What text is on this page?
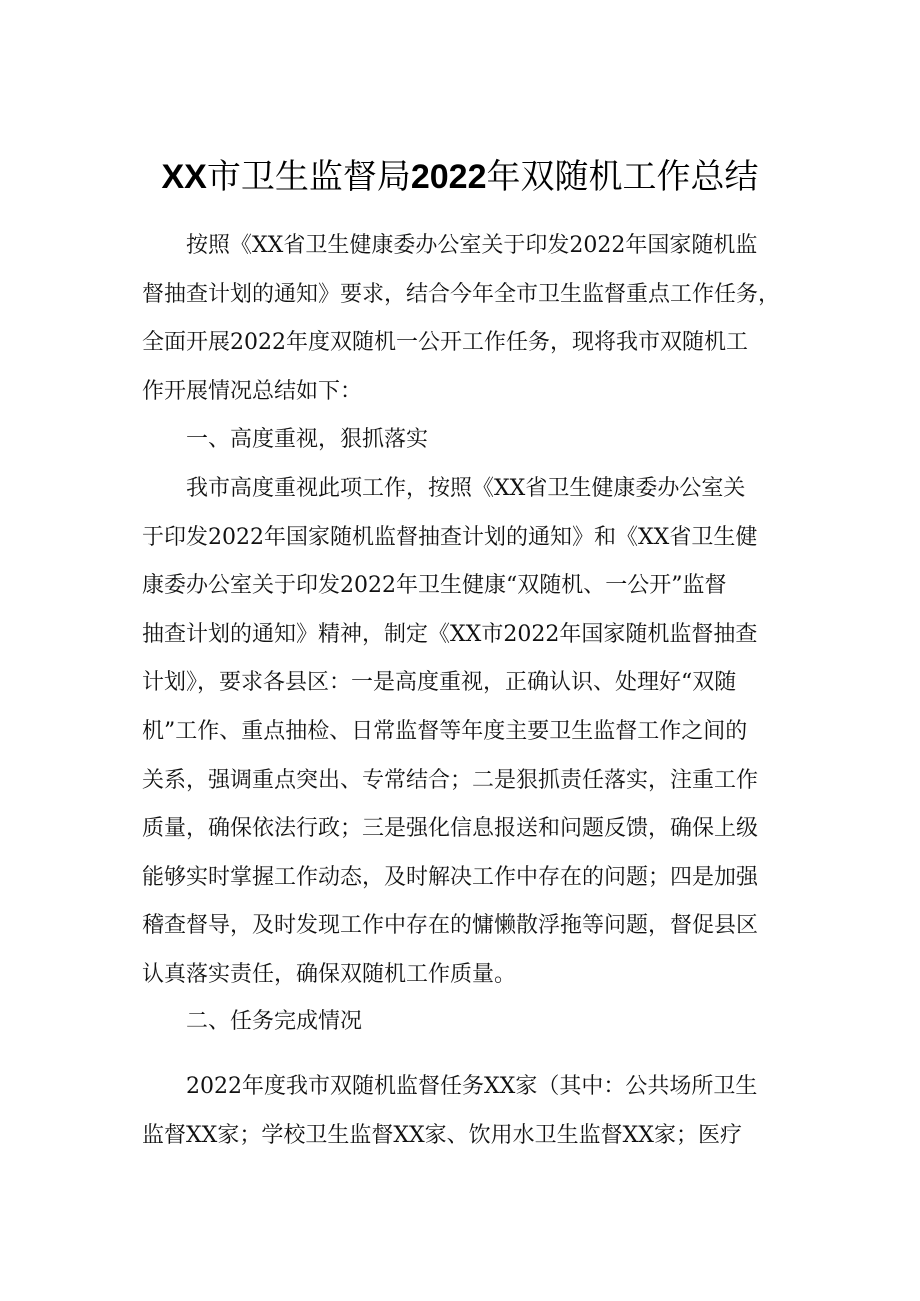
XX市卫生监督局2022年双随机工作总结
按照《XX省卫生健康委办公室关于印发2022年国家随机监
督抽查计划的通知》要求，结合今年全市卫生监督重点工作任务，
全面开展2022年度双随机一公开工作任务，现将我市双随机工
作开展情况总结如下：
一、高度重视，狠抓落实
我市高度重视此项工作，按照《XX省卫生健康委办公室关
于印发2022年国家随机监督抽查计划的通知》和《XX省卫生健
康委办公室关于印发2022年卫生健康“双随机、一公开”监督
抽查计划的通知》精神，制定《XX市2022年国家随机监督抽查
计划》，要求各县区：一是高度重视，正确认识、处理好“双随
机”工作、重点抽检、日常监督等年度主要卫生监督工作之间的
关系，强调重点突出、专常结合；二是狠抓责任落实，注重工作
质量，确保依法行政；三是强化信息报送和问题反馈，确保上级
能够实时掌握工作动态，及时解决工作中存在的问题；四是加强
稽查督导，及时发现工作中存在的慵懒散浮拖等问题，督促县区
认真落实责任，确保双随机工作质量。
二、任务完成情况
2022年度我市双随机监督任务XX家（其中：公共场所卫生
监督XX家；学校卫生监督XX家、饮用水卫生监督XX家；医疗
